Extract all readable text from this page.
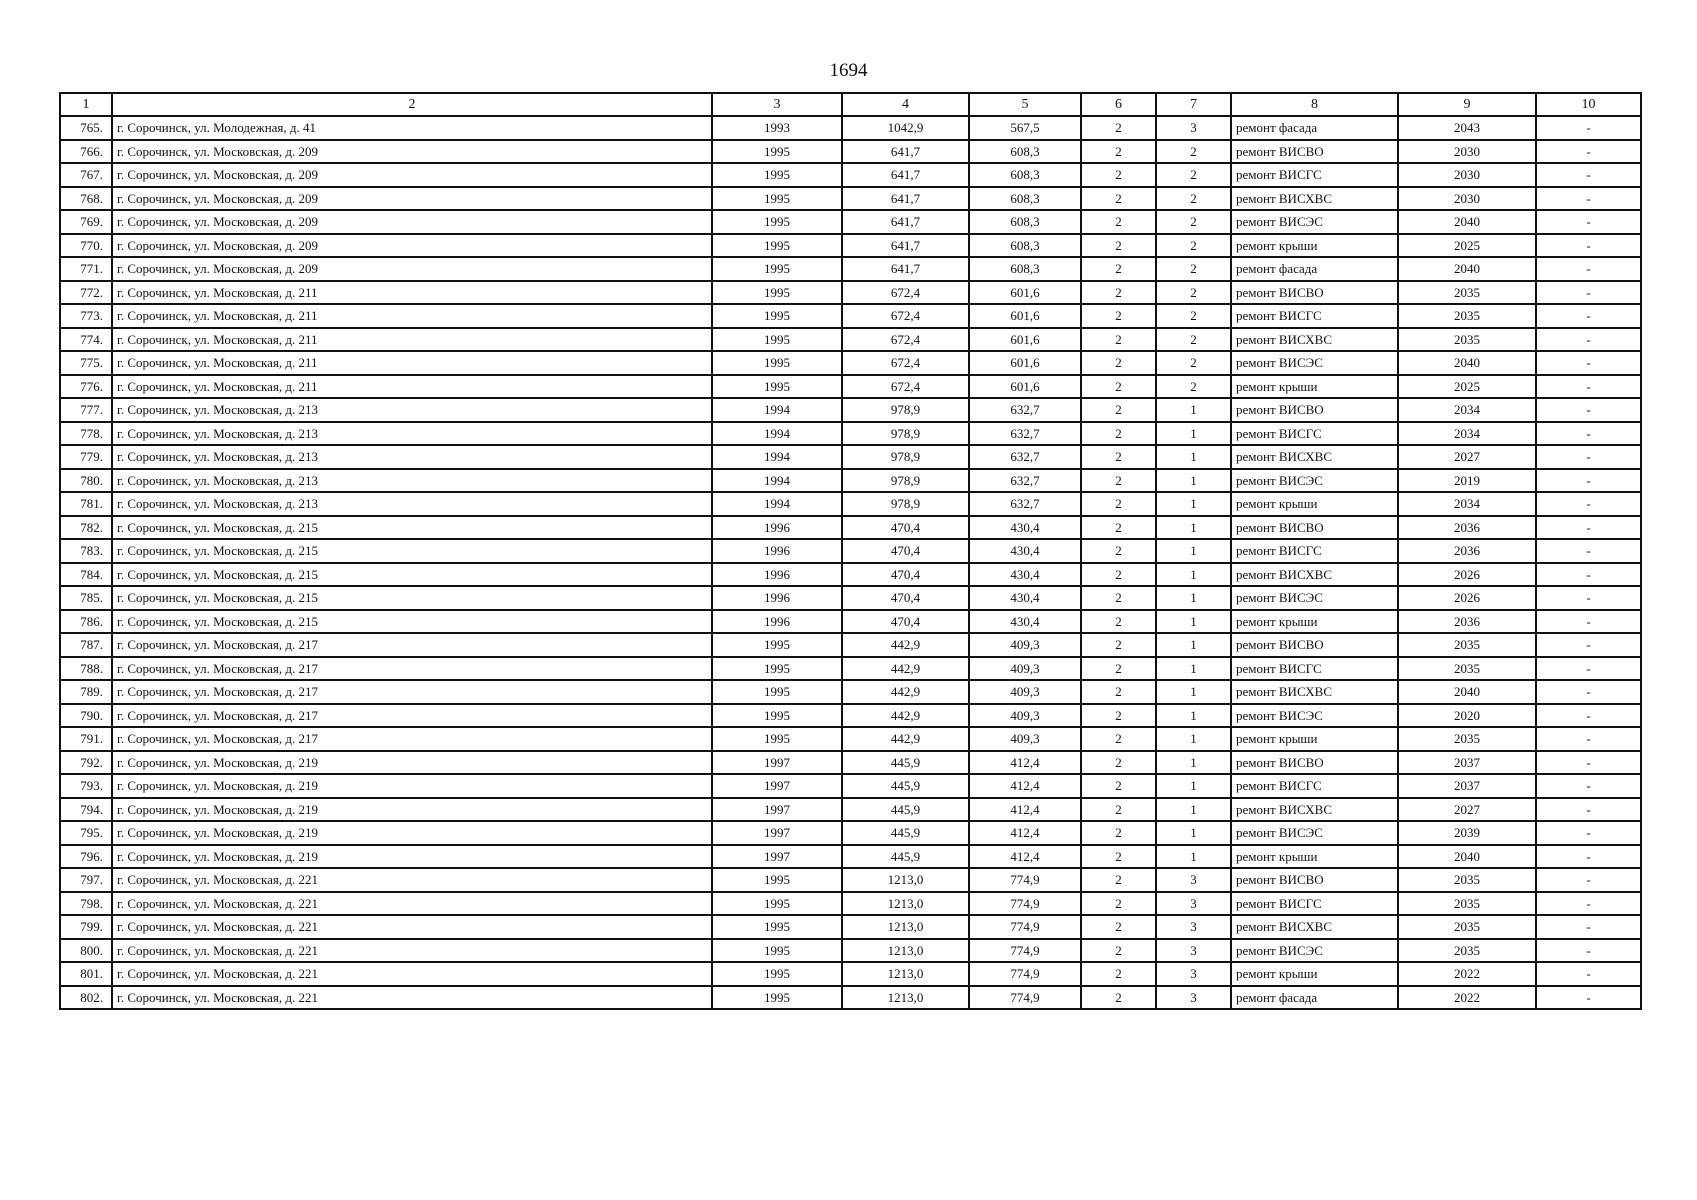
1694
1	2	3	4	5	6	7	8	9	10
765.	г. Сорочинск, ул. Молодежная, д. 41	1993	1042,9	567,5	2	3	ремонт фасада	2043	-
766.	г. Сорочинск, ул. Московская, д. 209	1995	641,7	608,3	2	2	ремонт ВИСВО	2030	-
767.	г. Сорочинск, ул. Московская, д. 209	1995	641,7	608,3	2	2	ремонт ВИСГС	2030	-
768.	г. Сорочинск, ул. Московская, д. 209	1995	641,7	608,3	2	2	ремонт ВИСХВС	2030	-
769.	г. Сорочинск, ул. Московская, д. 209	1995	641,7	608,3	2	2	ремонт ВИСЭС	2040	-
770.	г. Сорочинск, ул. Московская, д. 209	1995	641,7	608,3	2	2	ремонт крыши	2025	-
771.	г. Сорочинск, ул. Московская, д. 209	1995	641,7	608,3	2	2	ремонт фасада	2040	-
772.	г. Сорочинск, ул. Московская, д. 211	1995	672,4	601,6	2	2	ремонт ВИСВО	2035	-
773.	г. Сорочинск, ул. Московская, д. 211	1995	672,4	601,6	2	2	ремонт ВИСГС	2035	-
774.	г. Сорочинск, ул. Московская, д. 211	1995	672,4	601,6	2	2	ремонт ВИСХВС	2035	-
775.	г. Сорочинск, ул. Московская, д. 211	1995	672,4	601,6	2	2	ремонт ВИСЭС	2040	-
776.	г. Сорочинск, ул. Московская, д. 211	1995	672,4	601,6	2	2	ремонт крыши	2025	-
777.	г. Сорочинск, ул. Московская, д. 213	1994	978,9	632,7	2	1	ремонт ВИСВО	2034	-
778.	г. Сорочинск, ул. Московская, д. 213	1994	978,9	632,7	2	1	ремонт ВИСГС	2034	-
779.	г. Сорочинск, ул. Московская, д. 213	1994	978,9	632,7	2	1	ремонт ВИСХВС	2027	-
780.	г. Сорочинск, ул. Московская, д. 213	1994	978,9	632,7	2	1	ремонт ВИСЭС	2019	-
781.	г. Сорочинск, ул. Московская, д. 213	1994	978,9	632,7	2	1	ремонт крыши	2034	-
782.	г. Сорочинск, ул. Московская, д. 215	1996	470,4	430,4	2	1	ремонт ВИСВО	2036	-
783.	г. Сорочинск, ул. Московская, д. 215	1996	470,4	430,4	2	1	ремонт ВИСГС	2036	-
784.	г. Сорочинск, ул. Московская, д. 215	1996	470,4	430,4	2	1	ремонт ВИСХВС	2026	-
785.	г. Сорочинск, ул. Московская, д. 215	1996	470,4	430,4	2	1	ремонт ВИСЭС	2026	-
786.	г. Сорочинск, ул. Московская, д. 215	1996	470,4	430,4	2	1	ремонт крыши	2036	-
787.	г. Сорочинск, ул. Московская, д. 217	1995	442,9	409,3	2	1	ремонт ВИСВО	2035	-
788.	г. Сорочинск, ул. Московская, д. 217	1995	442,9	409,3	2	1	ремонт ВИСГС	2035	-
789.	г. Сорочинск, ул. Московская, д. 217	1995	442,9	409,3	2	1	ремонт ВИСХВС	2040	-
790.	г. Сорочинск, ул. Московская, д. 217	1995	442,9	409,3	2	1	ремонт ВИСЭС	2020	-
791.	г. Сорочинск, ул. Московская, д. 217	1995	442,9	409,3	2	1	ремонт крыши	2035	-
792.	г. Сорочинск, ул. Московская, д. 219	1997	445,9	412,4	2	1	ремонт ВИСВО	2037	-
793.	г. Сорочинск, ул. Московская, д. 219	1997	445,9	412,4	2	1	ремонт ВИСГС	2037	-
794.	г. Сорочинск, ул. Московская, д. 219	1997	445,9	412,4	2	1	ремонт ВИСХВС	2027	-
795.	г. Сорочинск, ул. Московская, д. 219	1997	445,9	412,4	2	1	ремонт ВИСЭС	2039	-
796.	г. Сорочинск, ул. Московская, д. 219	1997	445,9	412,4	2	1	ремонт крыши	2040	-
797.	г. Сорочинск, ул. Московская, д. 221	1995	1213,0	774,9	2	3	ремонт ВИСВО	2035	-
798.	г. Сорочинск, ул. Московская, д. 221	1995	1213,0	774,9	2	3	ремонт ВИСГС	2035	-
799.	г. Сорочинск, ул. Московская, д. 221	1995	1213,0	774,9	2	3	ремонт ВИСХВС	2035	-
800.	г. Сорочинск, ул. Московская, д. 221	1995	1213,0	774,9	2	3	ремонт ВИСЭС	2035	-
801.	г. Сорочинск, ул. Московская, д. 221	1995	1213,0	774,9	2	3	ремонт крыши	2022	-
802.	г. Сорочинск, ул. Московская, д. 221	1995	1213,0	774,9	2	3	ремонт фасада	2022	-
